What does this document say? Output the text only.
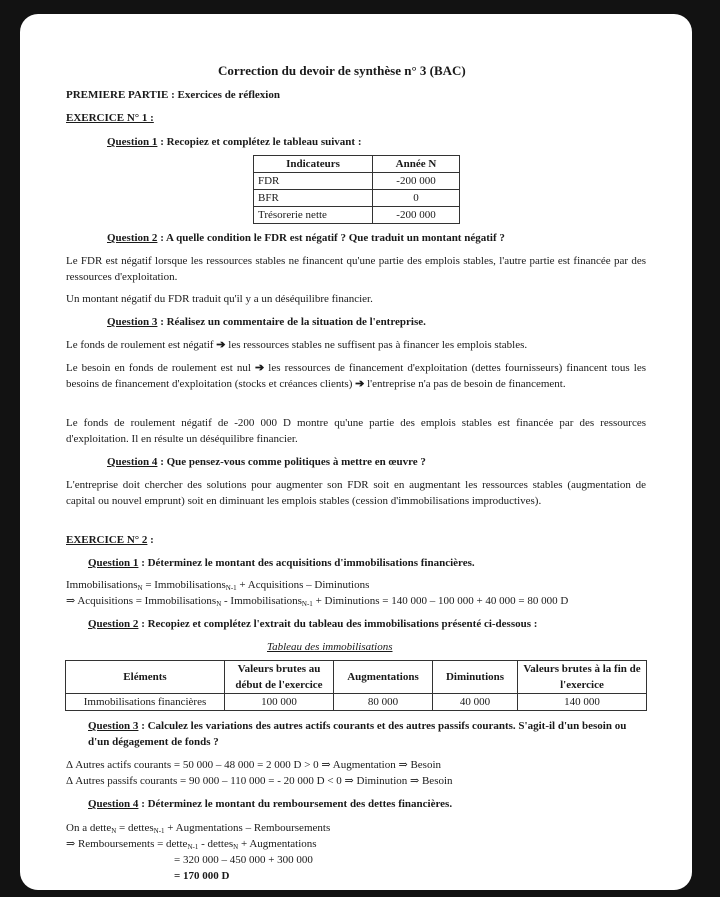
Correction du devoir de synthèse n° 3 (BAC)
PREMIERE PARTIE : Exercices de réflexion
EXERCICE N° 1 :
Question 1 : Recopiez et complétez le tableau suivant :
Indicateurs	Année N
FDR	-200 000
BFR	0
Trésorerie nette	-200 000
Question 2 : A quelle condition le FDR est négatif ? Que traduit un montant négatif ?
Le FDR est négatif lorsque les ressources stables ne financent qu'une partie des emplois stables, l'autre partie est financée par des ressources d'exploitation.
Un montant négatif du FDR traduit qu'il y a un déséquilibre financier.
Question 3 : Réalisez un commentaire de la situation de l'entreprise.
Le fonds de roulement est négatif ➔ les ressources stables ne suffisent pas à financer les emplois stables.
Le besoin en fonds de roulement est nul ➔ les ressources de financement d'exploitation (dettes fournisseurs) financent tous les besoins de financement d'exploitation (stocks et créances clients) ➔ l'entreprise n'a pas de besoin de financement.
Le fonds de roulement négatif de -200 000 D montre qu'une partie des emplois stables est financée par des ressources d'exploitation. Il en résulte un déséquilibre financier.
Question 4 : Que pensez-vous comme politiques à mettre en œuvre ?
L'entreprise doit chercher des solutions pour augmenter son FDR soit en augmentant les ressources stables (augmentation de capital ou nouvel emprunt) soit en diminuant les emplois stables (cession d'immobilisations improductives).
EXERCICE N° 2 :
Question 1 : Déterminez le montant des acquisitions d'immobilisations financières.
Immobilisations$_N$ = Immobilisations$_{N-1}$ + Acquisitions – Diminutions
⇒ Acquisitions = Immobilisations$_N$ - Immobilisations$_{N-1}$ + Diminutions = 140 000 – 100 000 + 40 000 = 80 000 D
Question 2 : Recopiez et complétez l'extrait du tableau des immobilisations présenté ci-dessous :
Tableau des immobilisations
Eléments	Valeurs brutes au début de l'exercice	Augmentations	Diminutions	Valeurs brutes à la fin de l'exercice
Immobilisations financières	100 000	80 000	40 000	140 000
Question 3 : Calculez les variations des autres actifs courants et des autres passifs courants. S'agit-il d'un besoin ou d'un dégagement de fonds ?
Δ Autres actifs courants = 50 000 – 48 000 = 2 000 D > 0 ⇒ Augmentation ⇒ Besoin
Δ Autres passifs courants = 90 000 – 110 000 = - 20 000 D < 0 ⇒ Diminution ⇒ Besoin
Question 4 : Déterminez le montant du remboursement des dettes financières.
On a dette$_N$ = dettes$_{N-1}$ + Augmentations – Remboursements
⇒ Remboursements = dette$_{N-1}$ - dettes$_N$ + Augmentations
= 320 000 – 450 000 + 300 000
= 170 000 D
